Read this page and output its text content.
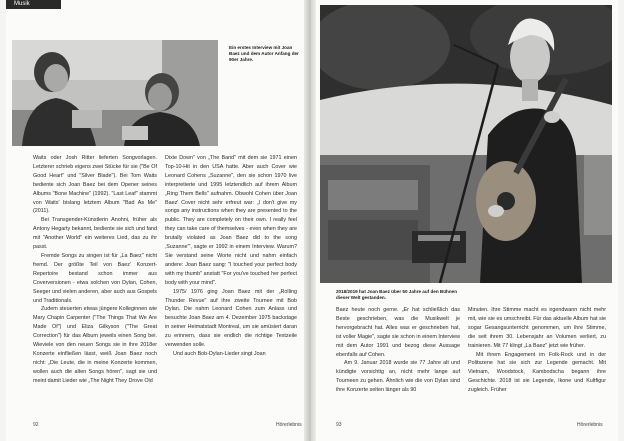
Musik
Ein erstes Interview mit Joan Baez und dem Autor Anfang der 90er Jahre.

Waits oder Josh Ritter lieferten Songvorlagen. Letzterer schrieb eigens zwei Stücke für sie ("Be Of Good Heart" und "Silver Blade"). Bei Tom Waits bediente sich Joan Baez bei dem Opener seines Albums "Bone Machine" (1992). "Last Leaf" stammt von Waits' bislang letztem Album "Bad As Me" (2011).

Bei Transgender-Künstlerin Anohni, früher als Antony Hegarty bekannt, bediente sie sich und fand mit "Another World" ein weiteres Lied, das zu ihr passt.

Fremde Songs zu singen ist für „La Baez" nicht fremd. Der größte Teil von Baez' Konzert-Repertoire bestand schon immer aus Coverversionen - etwa solchen von Dylan, Cohen, Seeger und vielen anderen, aber auch aus Gospels und Traditionals.

Zudem steuerten etwas jüngere Kolleginnen wie Mary Chapin Carpenter ("The Things That We Are Made Of") und Eliza Gilkyson ("The Great Correction") für das Album jeweils einen Song bei. Wieviele von den neuen Songs sie in ihre 2018er Konzerte einfließen lässt, weiß Joan Baez noch nicht: „Die Leute, die in meine Konzerte kommen, wollen auch die alten Songs hören", sagt sie und meint damit Lieder wie „The Night They Drove Old

Dixie Down" von „The Band" mit dem sie 1971 einen Top-10-Hit in den USA hatte. Aber auch Cover wie Leonard Cohens „Suzanne", den sie schon 1970 live interpretierte und 1995 letztendlich auf ihrem Album „Ring Them Bells" aufnahm. Obwohl Cohen über Joan Baez' Cover nicht sehr erfreut war: „I don't give my songs any instructions when they are presented to the public. They are completely on their own. I really feel they can take care of themselves - even when they are brutally violated as Joan Baez did to the song ‚Suzanne'", sagte er 1992 in einem Interview. Warum? Sie verstand seine Worte nicht und nahm einfach andere: Joan Baez sang: "I touched your perfect body with my thumb" anstatt "For you've touched her perfect body with your mind".

1975/ 1976 ging Joan Baez mit der „Rolling Thunder Revue" auf ihre zweite Tournee mit Bob Dylan. Die nahm Leonard Cohen zum Anlass und besuchte Joan Baez am 4. Dezember 1975 backstage in seiner Heimatstadt Montreal, um sie amüsiert daran zu erinnern, dass sie endlich die richtige Textzeile verwenden solle.

Und auch Bob-Dylan-Lieder singt Joan

2018/2019 hat Joan Baez über 50 Jahre auf den Bühnen dieser Welt gestanden.

Baez heute noch gerne. „Er hat schließlich das Beste geschrieben, was die Musikwelt je hervorgebracht hat. Alles was er geschrieben hat, ist voller Magie", sagte sie schon in einem Interview mit dem Autor 1991 und bezog diese Aussage ebenfalls auf Cohen.

Am 9. Januar 2018 wurde sie 77 Jahre alt und kündigte vorsichtig an, nicht mehr lange auf Tourneen zu gehen. Ähnlich wie die von Dylan sind ihre Konzerte selten länger als 90

Minuten. Ihre Stimme macht es irgendwann nicht mehr mit, wie sie es umschreibt. Für das aktuelle Album hat sie sogar Gesangsunterricht genommen, um ihre Stimme, die seit ihrem 30. Lebensjahr an Volumen verliert, zu trainieren. Mit 77 klingt „La Baez" jetzt wie früher.

Mit ihrem Engagement im Folk-Rock und in der Politszene hat sie sich zur Legende gemacht. Mit Vietnam, Woodstock, Kambodscha begann ihre Geschichte. 2018 ist sie Legende, Ikone und Kultfigur zugleich. Früher

92	Hörerlebnis	93	Hörerlebnis
